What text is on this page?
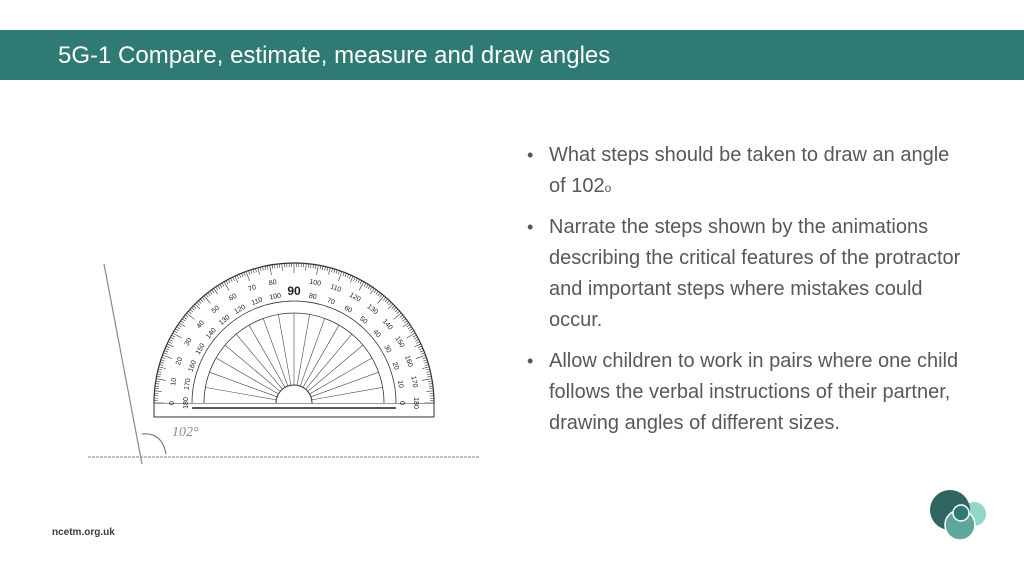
5G-1 Compare, estimate, measure and draw angles
102°
0
10
20
30
40
50
60
70
80	100
110
120
130
140
150
160
170
180
180
170
160
150
140
130
120
110 100	80
70
60
50
40
30
20
10
0
90
• What steps should be taken to draw an angle of 102$^o$
• Narrate the steps shown by the animations describing the critical features of the protractor and important steps where mistakes could occur.
• Allow children to work in pairs where one child follows the verbal instructions of their partner, drawing angles of different sizes.
ncetm.org.uk
